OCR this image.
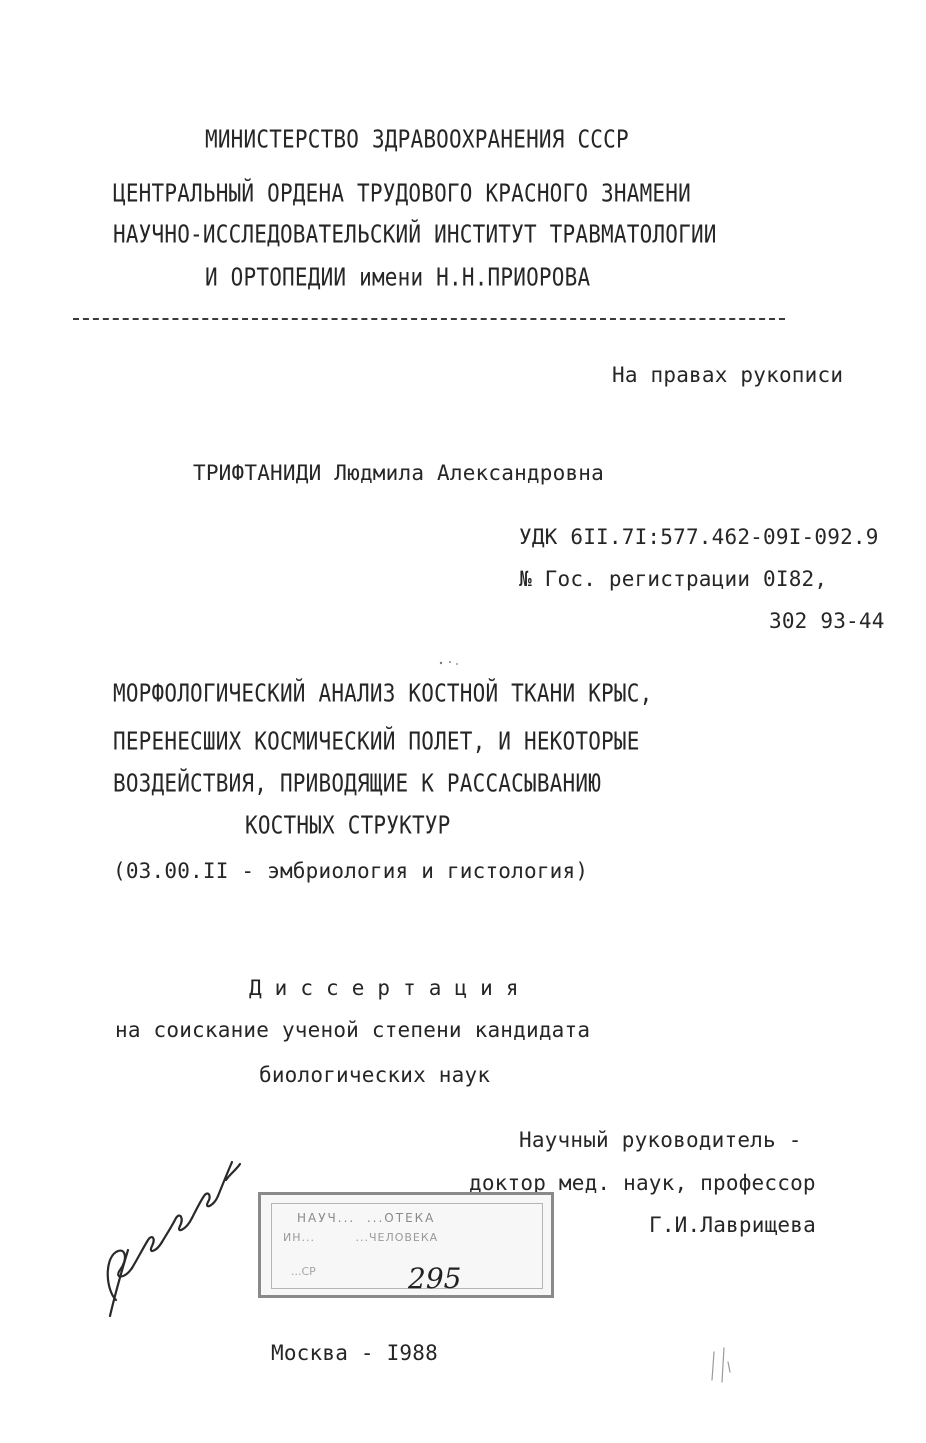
МИНИСТЕРСТВО ЗДРАВООХРАНЕНИЯ СССР
ЦЕНТРАЛЬНЫЙ ОРДЕНА ТРУДОВОГО КРАСНОГО ЗНАМЕНИ
НАУЧНО-ИССЛЕДОВАТЕЛЬСКИЙ ИНСТИТУТ ТРАВМАТОЛОГИИ
И ОРТОПЕДИИ имени Н.Н.ПРИОРОВА
На правах рукописи
ТРИФТАНИДИ Людмила Александровна
УДК 6II.7I:577.462-09I-092.9
№ Гос. регистрации 0I82,
302 93-44
МОРФОЛОГИЧЕСКИЙ АНАЛИЗ КОСТНОЙ ТКАНИ КРЫС,
ПЕРЕНЕСШИХ КОСМИЧЕСКИЙ ПОЛЕТ, И НЕКОТОРЫЕ
ВОЗДЕЙСТВИЯ, ПРИВОДЯЩИЕ К РАССАСЫВАНИЮ
КОСТНЫХ СТРУКТУР
(03.00.II - эмбриология и гистология)
Д и с с е р т а ц и я
на соискание ученой степени кандидата
биологических наук
Научный руководитель -
доктор мед. наук, профессор
Г.И.Лаврищева
НАУЧ...  ...ОТЕКА
ИН...         ...ЧЕЛОВЕКА
...СР	295
Москва - I988
